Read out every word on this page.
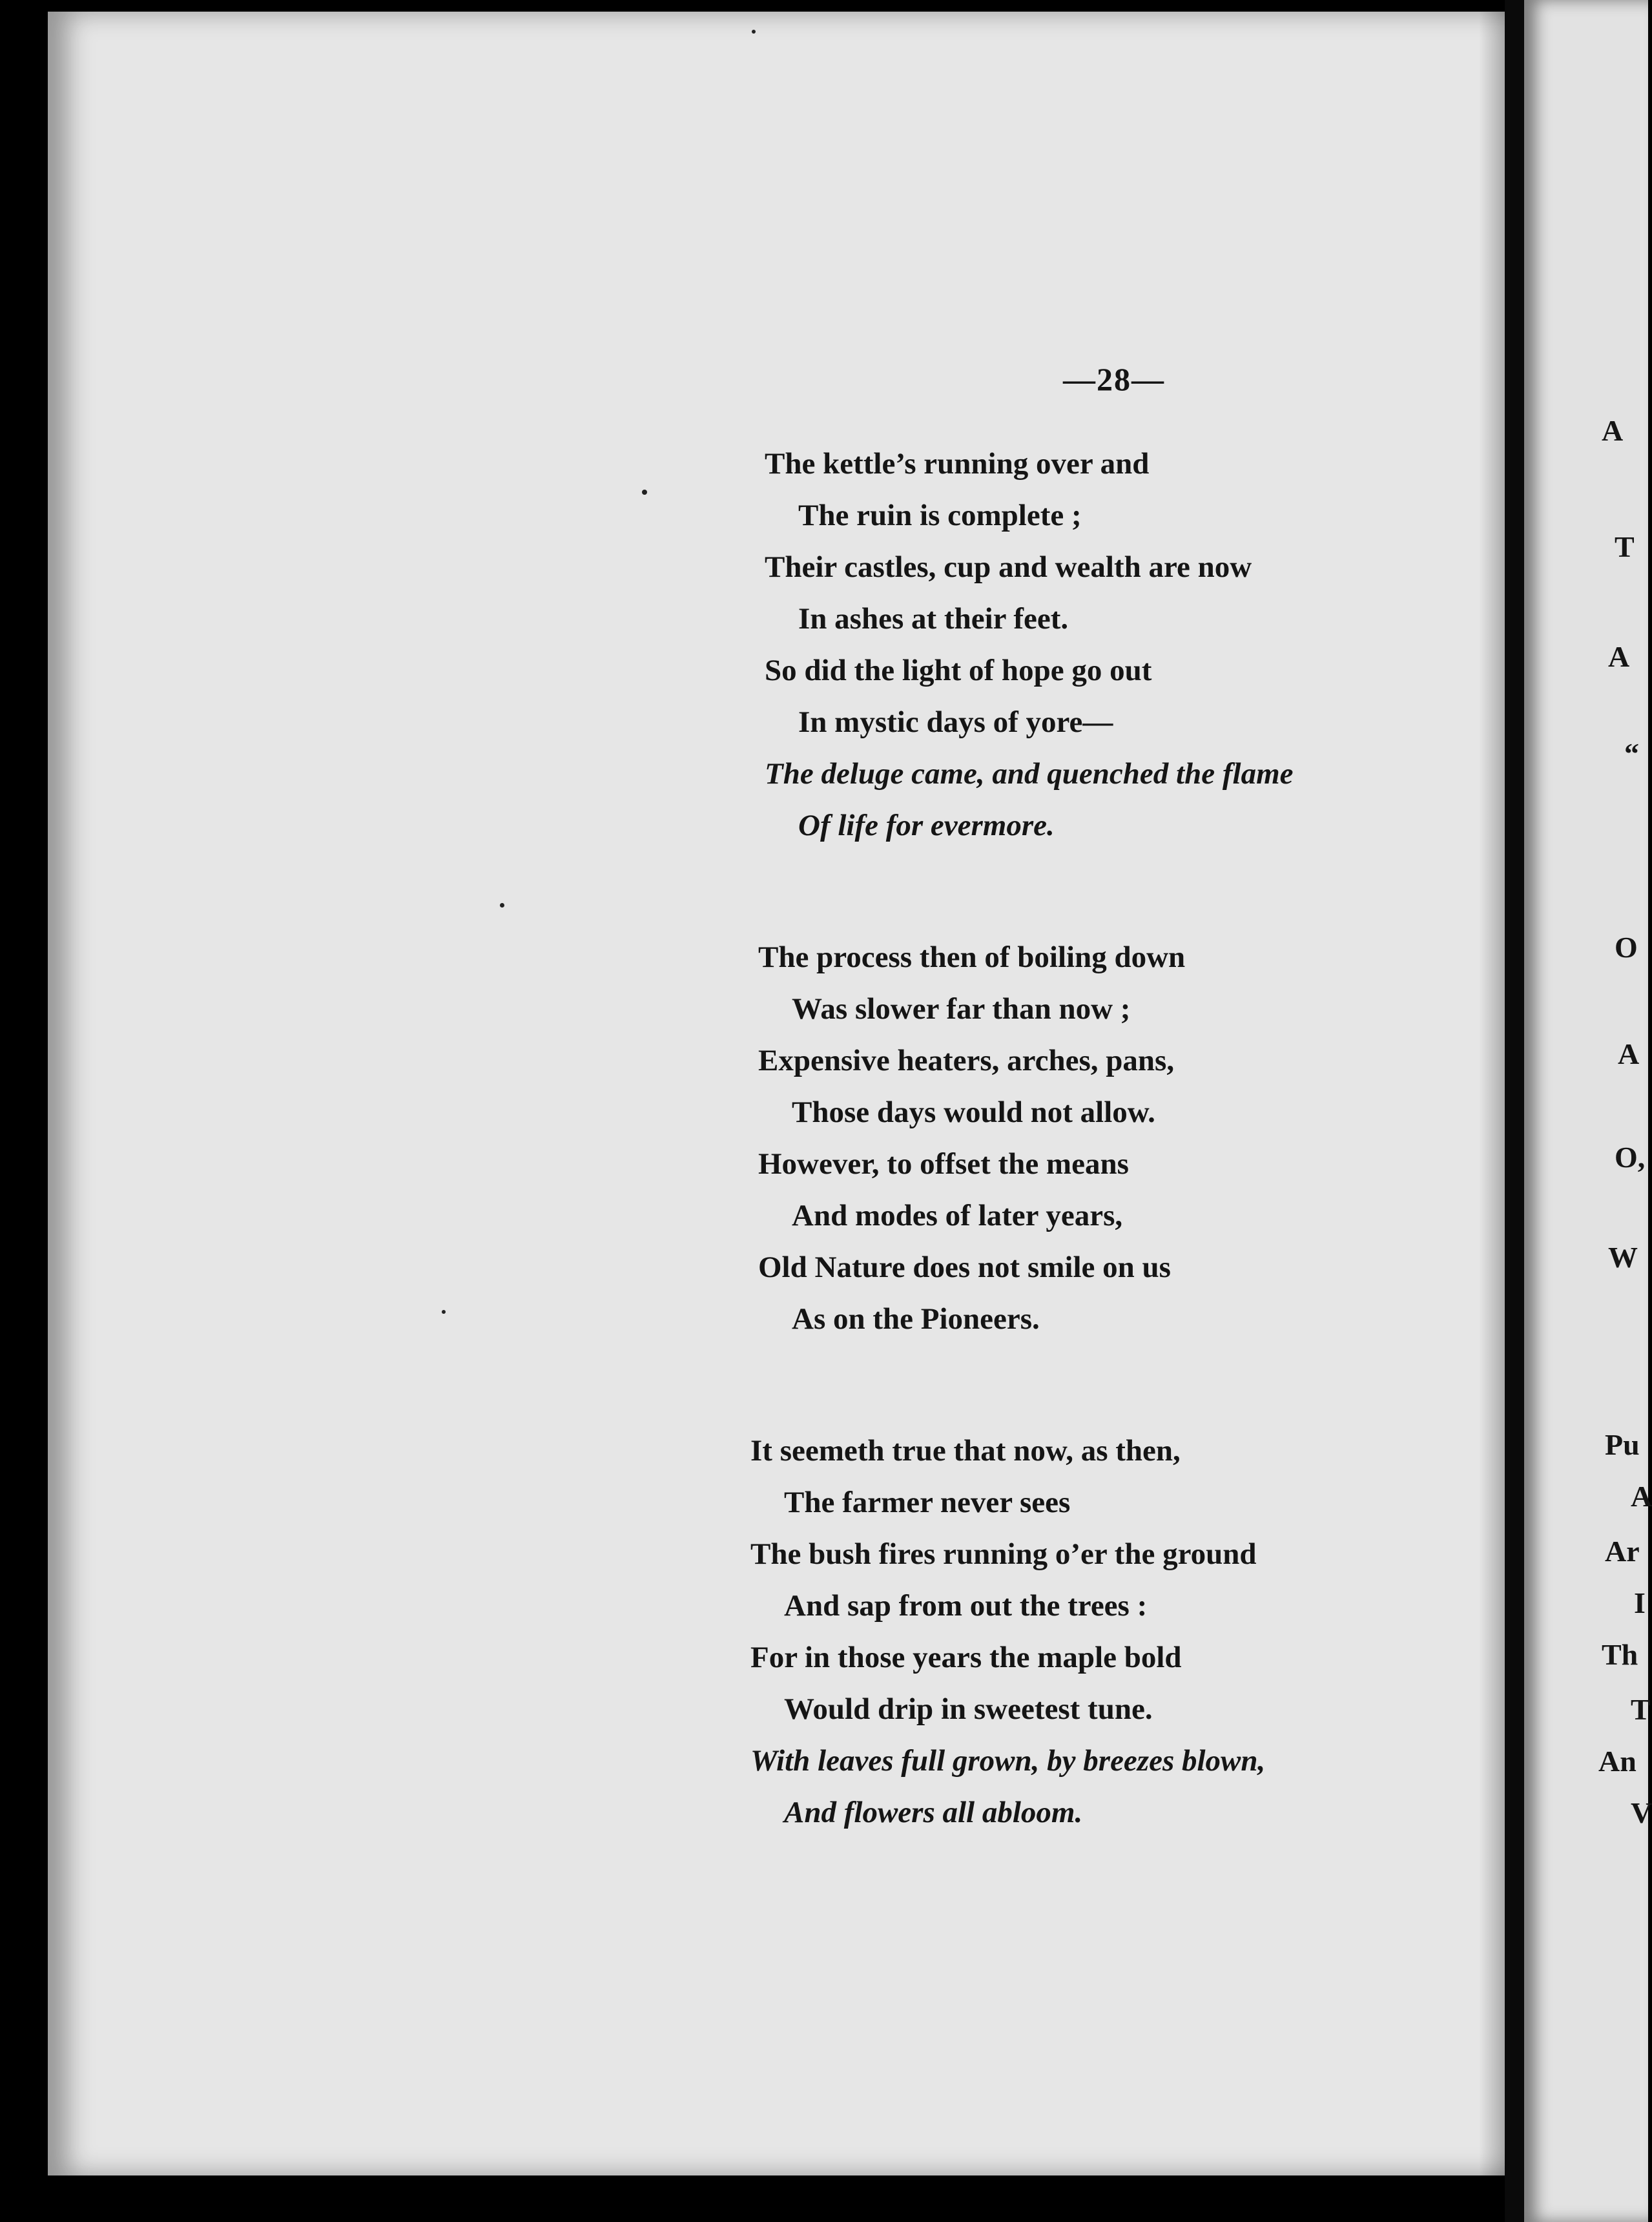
—28—
The kettle’s running over and
The ruin is complete ;
Their castles, cup and wealth are now
In ashes at their feet.
So did the light of hope go out
In mystic days of yore—
The deluge came, and quenched the flame
Of life for evermore.
The process then of boiling down
Was slower far than now ;
Expensive heaters, arches, pans,
Those days would not allow.
However, to offset the means
And modes of later years,
Old Nature does not smile on us
As on the Pioneers.
It seemeth true that now, as then,
The farmer never sees
The bush fires running o’er the ground
And sap from out the trees :
For in those years the maple bold
Would drip in sweetest tune.
With leaves full grown, by breezes blown,
And flowers all abloom.
A
T
A
“
O
A
O,
W
Pu
A
Ar
I
Th
T
An
V
